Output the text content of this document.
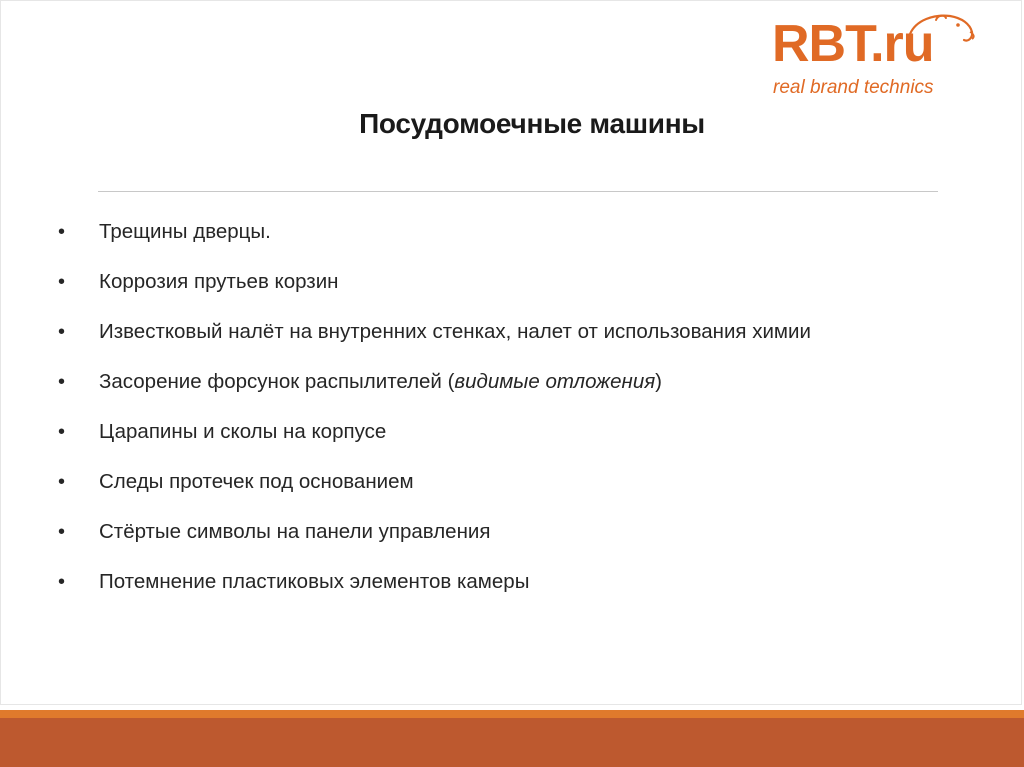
RBT.ru
real brand technics
Посудомоечные машины
• Трещины дверцы.
• Коррозия прутьев корзин
• Известковый налёт на внутренних стенках, налет от использования химии
• Засорение форсунок распылителей (видимые отложения)
• Царапины и сколы на корпусе
• Следы протечек под основанием
• Стёртые символы на панели управления
• Потемнение пластиковых элементов камеры
